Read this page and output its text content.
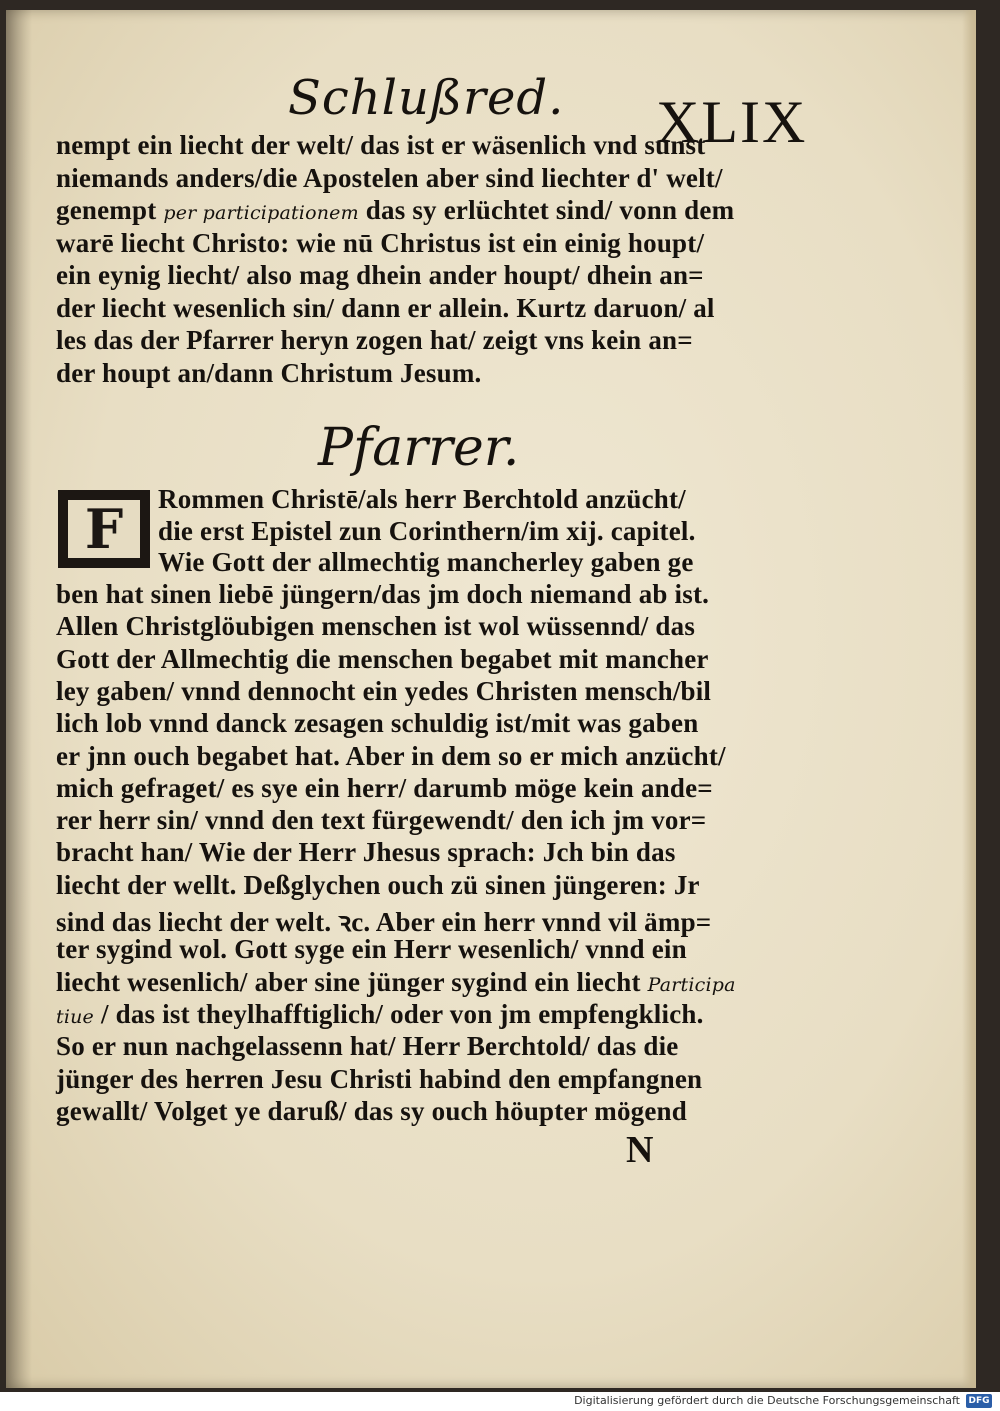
Schlußred. XLIX
nempt ein liecht der welt/ das ist er wäsenlich vnd sunst
niemands anders/die Apostelen aber sind liechter d' welt/
genempt per participationem das sy erlüchtet sind/ vonn dem
warē liecht Christo: wie nū Christus ist ein einig houpt/
ein eynig liecht/ also mag dhein ander houpt/ dhein an=
der liecht wesenlich sin/ dann er allein. Kurtz daruon/ al
les das der Pfarrer heryn zogen hat/ zeigt vns kein an=
der houpt an/dann Christum Jesum.
Pfarrer.
F Rommen Christē/als herr Berchtold anzücht/
die erst Epistel zun Corinthern/im xij. capitel.
Wie Gott der allmechtig mancherley gaben ge
ben hat sinen liebē jüngern/das jm doch niemand ab ist.
Allen Christglöubigen menschen ist wol wüssennd/ das
Gott der Allmechtig die menschen begabet mit mancher
ley gaben/ vnnd dennocht ein yedes Christen mensch/bil
lich lob vnnd danck zesagen schuldig ist/mit was gaben
er jnn ouch begabet hat. Aber in dem so er mich anzücht/
mich gefraget/ es sye ein herr/ darumb möge kein ande=
rer herr sin/ vnnd den text fürgewendt/ den ich jm vor=
bracht han/ Wie der Herr Jhesus sprach: Jch bin das
liecht der wellt. Deßglychen ouch zü sinen jüngeren: Jr
sind das liecht der welt. ꝛc. Aber ein herr vnnd vil ämp=
ter sygind wol. Gott syge ein Herr wesenlich/ vnnd ein
liecht wesenlich/ aber sine jünger sygind ein liecht Participa
tiue / das ist theylhafftiglich/ oder von jm empfengklich.
So er nun nachgelassenn hat/ Herr Berchtold/ das die
jünger des herren Jesu Christi habind den empfangnen
gewallt/ Volget ye daruß/ das sy ouch höupter mögend
N
Digitalisierung gefördert durch die Deutsche Forschungsgemeinschaft DFG
